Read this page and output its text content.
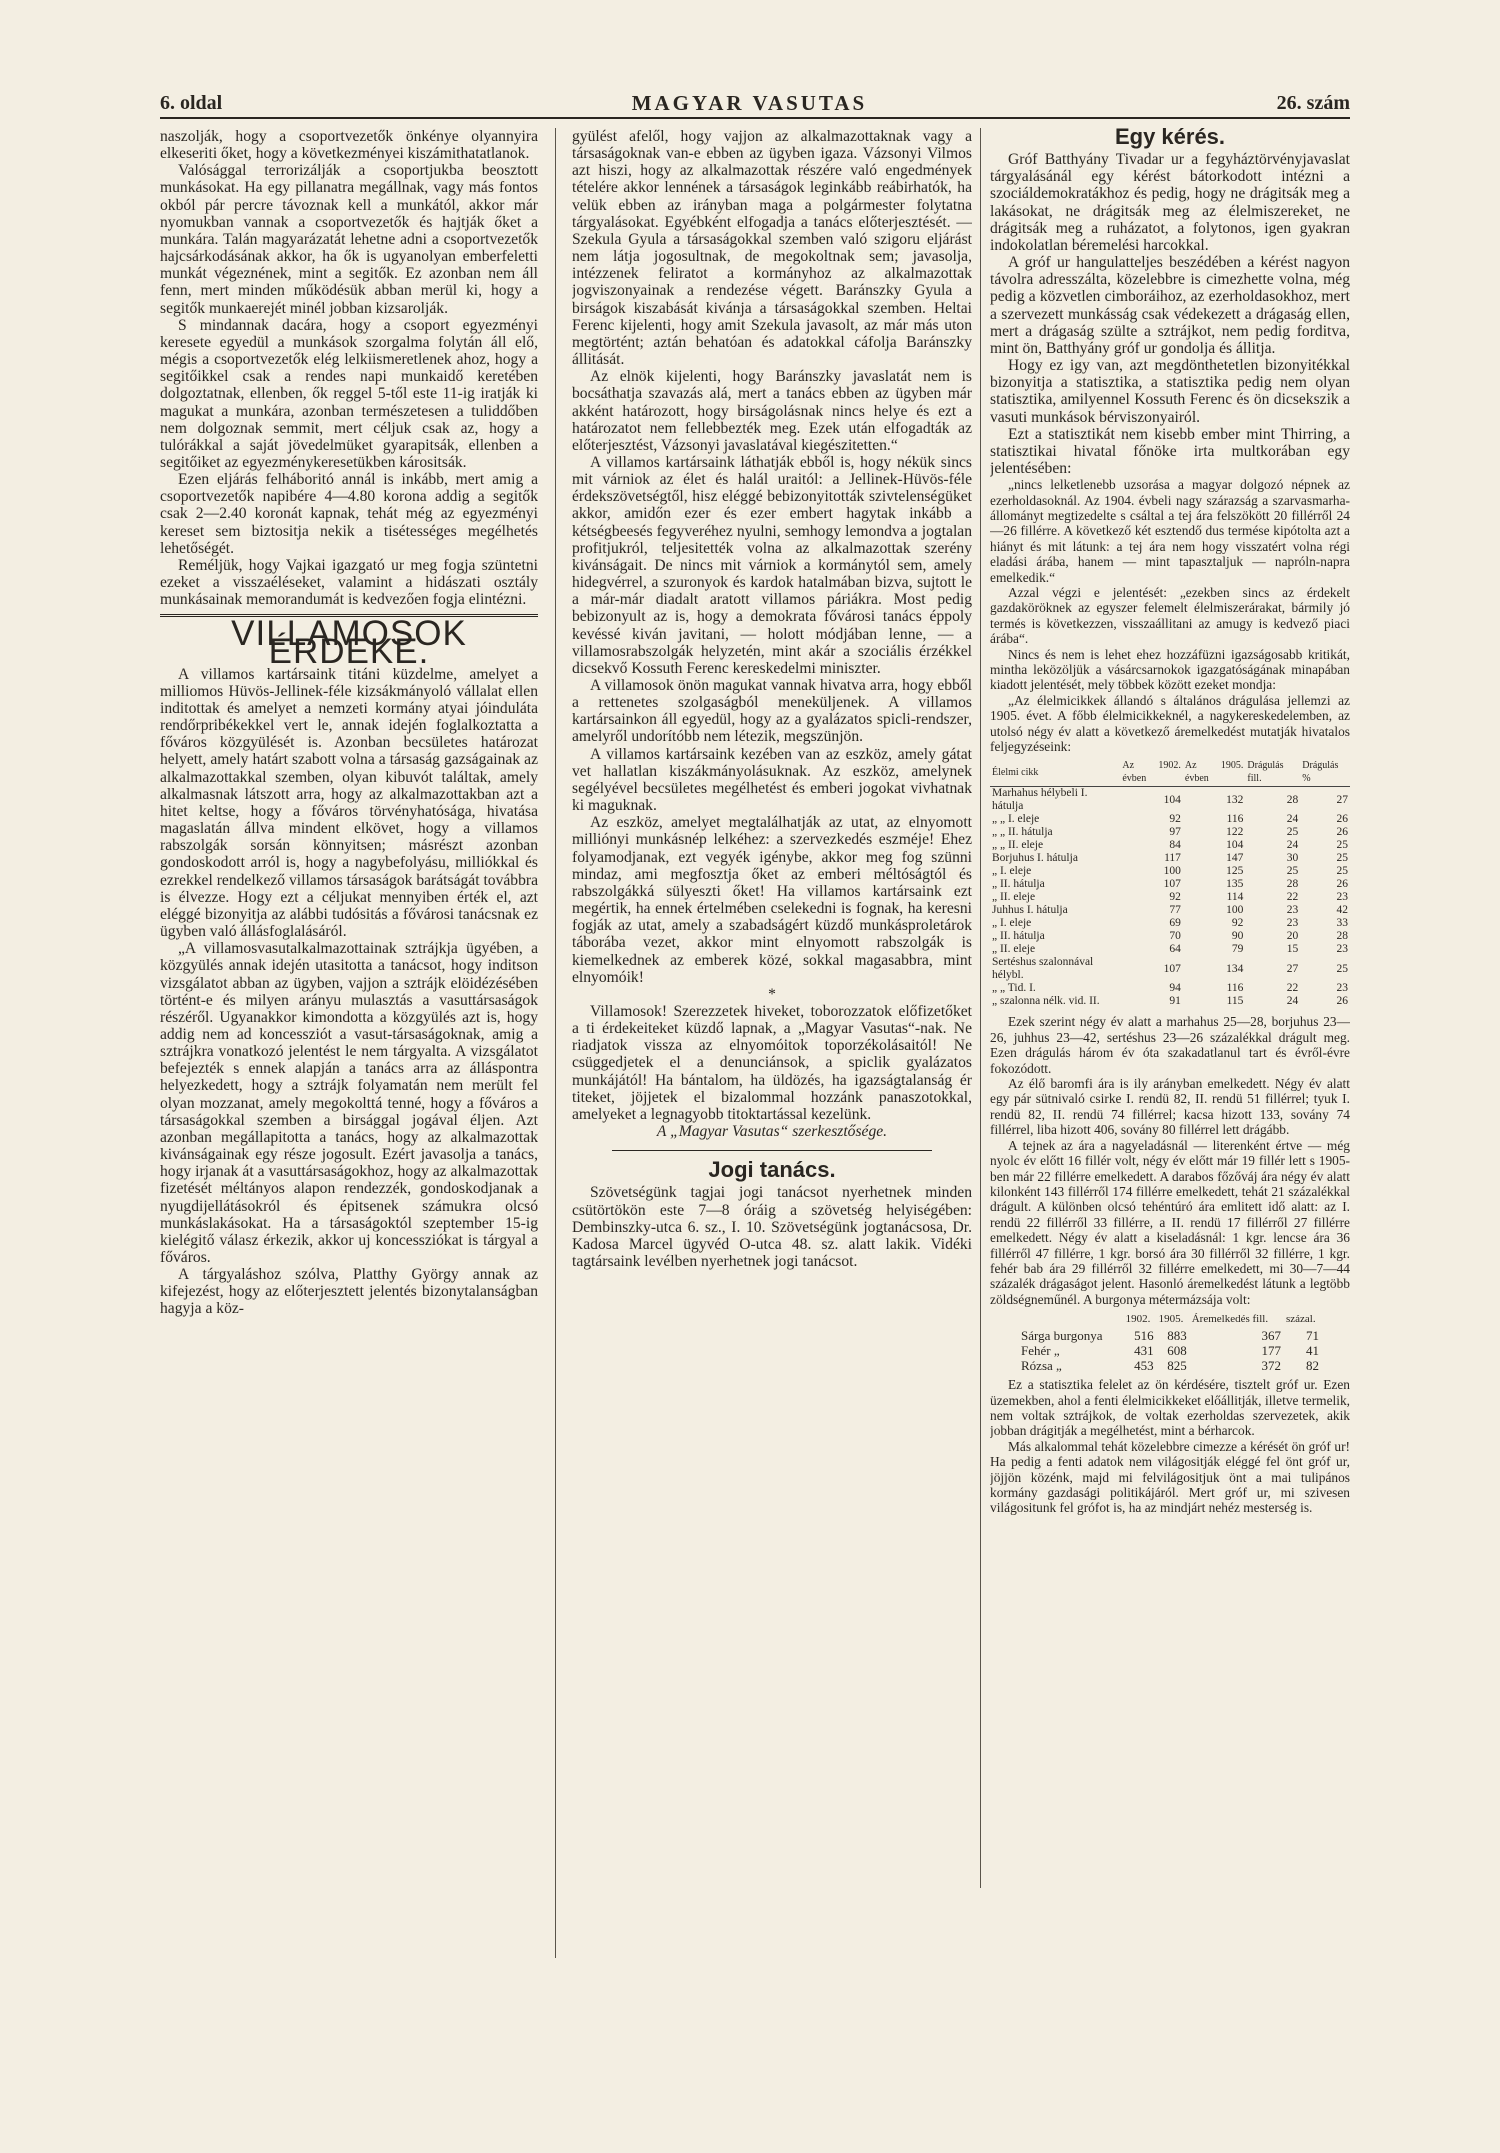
6. oldal	MAGYAR VASUTAS	26. szám

naszolják, hogy a csoportvezetők önkénye olyannyira elkeseriti őket, hogy a következményei kiszámithatatlanok.

Valósággal terrorizálják a csoportjukba beosztott munkásokat. Ha egy pillanatra megállnak, vagy más fontos okból pár percre távoznak kell a munkától, akkor már nyomukban vannak a csoportvezetők és hajtják őket a munkára. Talán magyarázatát lehetne adni a csoportvezetők hajcsárkodásának akkor, ha ők is ugyanolyan emberfeletti munkát végeznének, mint a segitők. Ez azonban nem áll fenn, mert minden működésük abban merül ki, hogy a segitők munkaerejét minél jobban kizsarolják.

S mindannak dacára, hogy a csoport egyezményi keresete egyedül a munkások szorgalma folytán áll elő, mégis a csoportvezetők elég lelkiismeretlenek ahoz, hogy a segitőikkel csak a rendes napi munkaidő keretében dolgoztatnak, ellenben, ők reggel 5-től este 11-ig iratják ki magukat a munkára, azonban természetesen a tuliddőben nem dolgoznak semmit, mert céljuk csak az, hogy a tulórákkal a saját jövedelmüket gyarapitsák, ellenben a segitőiket az egyezménykeresetükben kárositsák.

Ezen eljárás felháboritó annál is inkább, mert amig a csoportvezetők napibére 4—4.80 korona addig a segitők csak 2—2.40 koronát kapnak, tehát még az egyezményi kereset sem biztositja nekik a tisétességes megélhetés lehetőségét.

Reméljük, hogy Vajkai igazgató ur meg fogja szüntetni ezeket a visszaéléseket, valamint a hidászati osztály munkásainak memorandumát is kedvezően fogja elintézni.

VILLAMOSOK ÉRDEKE.

A villamos kartársaink titáni küzdelme, amelyet a milliomos Hüvös-Jellinek-féle kizsákmányoló vállalat ellen inditottak és amelyet a nemzeti kormány atyai jóinduláta rendőrpribékekkel vert le, annak idején foglalkoztatta a főváros közgyülését is. Azonban becsületes határozat helyett, amely határt szabott volna a társaság gazságainak az alkalmazottakkal szemben, olyan kibuvót találtak, amely alkalmasnak látszott arra, hogy az alkalmazottakban azt a hitet keltse, hogy a főváros törvényhatósága, hivatása magaslatán állva mindent elkövet, hogy a villamos rabszolgák sorsán könnyitsen; másrészt azonban gondoskodott arról is, hogy a nagybefolyásu, milliókkal és ezrekkel rendelkező villamos társaságok barátságát továbbra is élvezze. Hogy ezt a céljukat mennyiben érték el, azt eléggé bizonyitja az alábbi tudósitás a fővárosi tanácsnak ez ügyben való állásfoglalásáról.

„A villamosvasutalkalmazottainak sztrájkja ügyében, a közgyülés annak idején utasitotta a tanácsot, hogy inditson vizsgálatot abban az ügyben, vajjon a sztrájk elöidézésében történt-e és milyen arányu mulasztás a vasuttársaságok részéről. Ugyanakkor kimondotta a közgyülés azt is, hogy addig nem ad koncessziót a vasut-társaságoknak, amig a sztrájkra vonatkozó jelentést le nem tárgyalta. A vizsgálatot befejezték s ennek alapján a tanács arra az álláspontra helyezkedett, hogy a sztrájk folyamatán nem merült fel olyan mozzanat, amely megokolttá tenné, hogy a főváros a társaságokkal szemben a birsággal jogával éljen. Azt azonban megállapitotta a tanács, hogy az alkalmazottak kivánságainak egy része jogosult. Ezért javasolja a tanács, hogy irjanak át a vasuttársaságokhoz, hogy az alkalmazottak fizetését méltányos alapon rendezzék, gondoskodjanak a nyugdijellátásokról és épitsenek számukra olcsó munkáslakásokat. Ha a társaságoktól szeptember 15-ig kielégitő válasz érkezik, akkor uj koncessziókat is tárgyal a főváros.

A tárgyaláshoz szólva, Platthy György annak az kifejezést, hogy az előterjesztett jelentés bizonytalanságban hagyja a köz-

gyülést afelől, hogy vajjon az alkalmazottaknak vagy a társaságoknak van-e ebben az ügyben igaza. Vázsonyi Vilmos azt hiszi, hogy az alkalmazottak részére való engedmények tételére akkor lennének a társaságok leginkább reábirhatók, ha velük ebben az irányban maga a polgármester folytatna tárgyalásokat. Egyébként elfogadja a tanács előterjesztését. — Szekula Gyula a társaságokkal szemben való szigoru eljárást nem látja jogosultnak, de megokoltnak sem; javasolja, intézzenek feliratot a kormányhoz az alkalmazottak jogviszonyainak a rendezése végett. Baránszky Gyula a birságok kiszabását kivánja a társaságokkal szemben. Heltai Ferenc kijelenti, hogy amit Szekula javasolt, az már más uton megtörtént; aztán behatóan és adatokkal cáfolja Baránszky állitását.

Az elnök kijelenti, hogy Baránszky javaslatát nem is bocsáthatja szavazás alá, mert a tanács ebben az ügyben már akként határozott, hogy birságolásnak nincs helye és ezt a határozatot nem fellebbezték meg. Ezek után elfogadták az előterjesztést, Vázsonyi javaslatával kiegészitetten.“

A villamos kartársaink láthatják ebből is, hogy nékük sincs mit várniok az élet és halál uraitól: a Jellinek-Hüvös-féle érdekszövetségtől, hisz eléggé bebizonyitották szivtelenségüket akkor, amidőn ezer és ezer embert hagytak inkább a kétségbeesés fegyveréhez nyulni, semhogy lemondva a jogtalan profitjukról, teljesitették volna az alkalmazottak szerény kivánságait. De nincs mit várniok a kormánytól sem, amely hidegvérrel, a szuronyok és kardok hatalmában bizva, sujtott le a már-már diadalt aratott villamos páriákra. Most pedig bebizonyult az is, hogy a demokrata fővárosi tanács éppoly kevéssé kiván javitani, — holott módjában lenne, — a villamosrabszolgák helyzetén, mint akár a szociális érzékkel dicsekvő Kossuth Ferenc kereskedelmi miniszter.

A villamosok önön magukat vannak hivatva arra, hogy ebből a rettenetes szolgaságból meneküljenek. A villamos kartársainkon áll egyedül, hogy az a gyalázatos spicli-rendszer, amelyről undorítóbb nem létezik, megszünjön.

A villamos kartársaink kezében van az eszköz, amely gátat vet hallatlan kiszákmányolásuknak. Az eszköz, amelynek segélyével becsületes megélhetést és emberi jogokat vivhatnak ki maguknak.

Az eszköz, amelyet megtalálhatják az utat, az elnyomott milliónyi munkásnép lelkéhez: a szervezkedés eszméje! Ehez folyamodjanak, ezt vegyék igénybe, akkor meg fog szünni mindaz, ami megfosztja őket az emberi méltóságtól és rabszolgákká sülyeszti őket! Ha villamos kartársaink ezt megértik, ha ennek értelmében cselekedni is fognak, ha keresni fogják az utat, amely a szabadságért küzdő munkásproletárok táborába vezet, akkor mint elnyomott rabszolgák is kiemelkednek az emberek közé, sokkal magasabbra, mint elnyomóik!

*

Villamosok! Szerezzetek hiveket, toborozzatok előfizetőket a ti érdekeiteket küzdő lapnak, a „Magyar Vasutas“-nak. Ne riadjatok vissza az elnyomóitok toporzékolásaitól! Ne csüggedjetek el a denunciánsok, a spiclik gyalázatos munkájától! Ha bántalom, ha üldözés, ha igazságtalanság ér titeket, jöjjetek el bizalommal hozzánk panaszotokkal, amelyeket a legnagyobb titoktartással kezelünk.

A „Magyar Vasutas“ szerkesztősége.

Jogi tanács.

Szövetségünk tagjai jogi tanácsot nyerhetnek minden csütörtökön este 7—8 óráig a szövetség helyiségében: Dembinszky-utca 6. sz., I. 10. Szövetségünk jogtanácsosa, Dr. Kadosa Marcel ügyvéd O-utca 48. sz. alatt lakik. Vidéki tagtársaink levélben nyerhetnek jogi tanácsot.

Egy kérés.

Gróf Batthyány Tivadar ur a fegyháztörvényjavaslat tárgyalásánál egy kérést bátorkodott intézni a szociáldemokratákhoz és pedig, hogy ne drágitsák meg a lakásokat, ne drágitsák meg az élelmiszereket, ne drágitsák meg a ruházatot, a folytonos, igen gyakran indokolatlan béremelési harcokkal.

A gróf ur hangulatteljes beszédében a kérést nagyon távolra adresszálta, közelebbre is cimezhette volna, még pedig a közvetlen cimboráihoz, az ezerholdasokhoz, mert a szervezett munkásság csak védekezett a drágaság ellen, mert a drágaság szülte a sztrájkot, nem pedig forditva, mint ön, Batthyány gróf ur gondolja és állitja.

Hogy ez igy van, azt megdönthetetlen bizonyitékkal bizonyitja a statisztika, a statisztika pedig nem olyan statisztika, amilyennel Kossuth Ferenc és ön dicsekszik a vasuti munkások bérviszonyairól.

Ezt a statisztikát nem kisebb ember mint Thirring, a statisztikai hivatal főnöke irta multkorában egy jelentésében:

„nincs lelketlenebb uzsorása a magyar dolgozó népnek az ezerholdasoknál. Az 1904. évbeli nagy szárazság a szarvasmarha-állományt megtizedelte s csáltal a tej ára felszökött 20 fillérről 24—26 fillérre. A következő két esztendő dus termése kipótolta azt a hiányt és mit látunk: a tej ára nem hogy visszatért volna régi eladási árába, hanem — mint tapasztaljuk — napróln-napra emelkedik.“

Azzal végzi e jelentését: „ezekben sincs az érdekelt gazdaköröknek az egyszer felemelt élelmiszerárakat, bármily jó termés is következzen, visszaállitani az amugy is kedvező piaci árába“.

Nincs és nem is lehet ehez hozzáfüzni igazságosabb kritikát, mintha leközöljük a vásárcsarnokok igazgatóságának minapában kiadott jelentését, mely többek között ezeket mondja:

„Az élelmicikkek állandó s általános drágulása jellemzi az 1905. évet. A főbb élelmicikkeknél, a nagykereskedelemben, az utolsó négy év alatt a következő áremelkedést mutatják hivatalos feljegyzéseink:

Élelmi cikk	Az 1902. évben	Az 1905. évben	Drágulás fill.	Drágulás %
Marhahus hélybeli I. hátulja	104	132	28	27
„ „ I. eleje	92	116	24	26
„ „ II. hátulja	97	122	25	26
„ „ II. eleje	84	104	24	25
Borjuhus I. hátulja	117	147	30	25
„ I. eleje	100	125	25	25
„ II. hátulja	107	135	28	26
„ II. eleje	92	114	22	23
Juhhus I. hátulja	77	100	23	42
„ I. eleje	69	92	23	33
„ II. hátulja	70	90	20	28
„ II. eleje	64	79	15	23
Sertéshus szalonnával hélybl.	107	134	27	25
„ „ Tid. I.	94	116	22	23
„ szalonna nélk. vid. II.	91	115	24	26

Ezek szerint négy év alatt a marhahus 25—28, borjuhus 23—26, juhhus 23—42, sertéshus 23—26 százalékkal drágult meg. Ezen drágulás három év óta szakadatlanul tart és évről-évre fokozódott.

Az élő baromfi ára is ily arányban emelkedett. Négy év alatt egy pár sütnivaló csirke I. rendü 82, II. rendü 51 fillérrel; tyuk I. rendü 82, II. rendü 74 fillérrel; kacsa hizott 133, sovány 74 fillérrel, liba hizott 406, sovány 80 fillérrel lett drágább.

A tejnek az ára a nagyeladásnál — literenként értve — még nyolc év előtt 16 fillér volt, négy év előtt már 19 fillér lett s 1905-ben már 22 fillérre emelkedett. A darabos főzőváj ára négy év alatt kilonként 143 fillérről 174 fillérre emelkedett, tehát 21 százalékkal drágult. A különben olcsó tehéntúró ára emlitett idő alatt: az I. rendü 22 fillérről 33 fillérre, a II. rendü 17 fillérről 27 fillérre emelkedett. Négy év alatt a kiseladásnál: 1 kgr. lencse ára 36 fillérről 47 fillérre, 1 kgr. borsó ára 30 fillérről 32 fillérre, 1 kgr. fehér bab ára 29 fillérről 32 fillérre emelkedett, mi 30—7—44 százalék drágaságot jelent. Hasonló áremelkedést látunk a legtöbb zöldségneműnél. A burgonya métermázsája volt:

	1902.	1905.	Áremelkedés fill.	százal.
Sárga burgonya	516	883	367	71
Fehér „	431	608	177	41
Rózsa „	453	825	372	82

Ez a statisztika felelet az ön kérdésére, tisztelt gróf ur. Ezen üzemekben, ahol a fenti élelmicikkeket előállitják, illetve termelik, nem voltak sztrájkok, de voltak ezerholdas szervezetek, akik jobban drágitják a megélhetést, mint a bérharcok.

Más alkalommal tehát közelebbre cimezze a kérését ön gróf ur! Ha pedig a fenti adatok nem világositják eléggé fel önt gróf ur, jöjjön közénk, majd mi felvilágositjuk önt a mai tulipános kormány gazdasági politikájáról. Mert gróf ur, mi szivesen világositunk fel grófot is, ha az mindjárt nehéz mesterség is.
